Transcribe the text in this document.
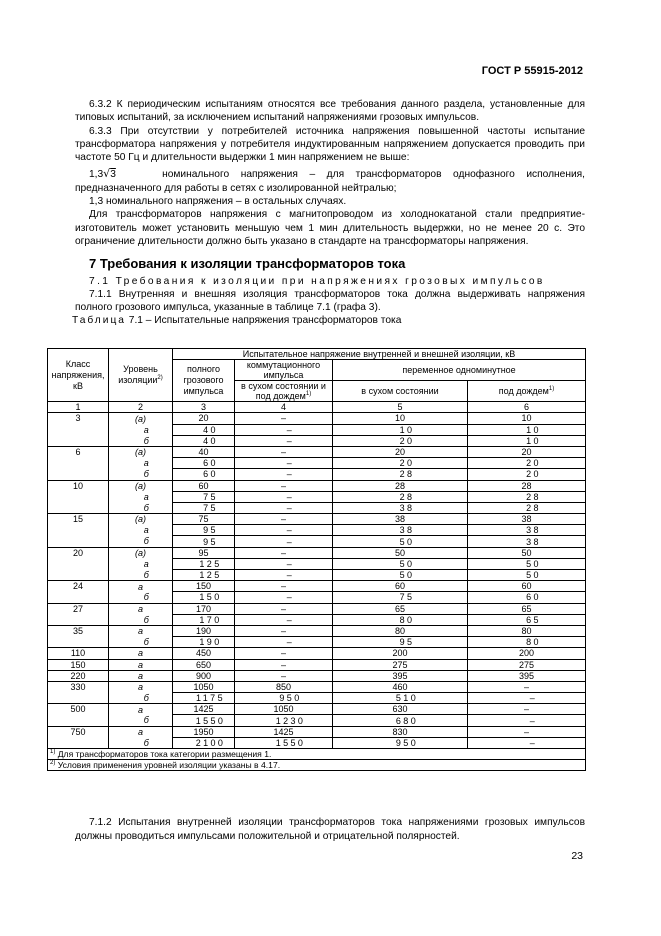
ГОСТ Р 55915-2012

6.3.2 К периодическим испытаниям относятся все требования данного раздела, установленные для типовых испытаний, за исключением испытаний напряжениями грозовых импульсов.

6.3.3 При отсутствии у потребителей источника напряжения повышенной частоты испытание трансформатора напряжения у потребителя индуктированным напряжением допускается проводить при частоте 50 Гц и длительности выдержки 1 мин напряжением не выше:

1,3√3	номинального напряжения – для трансформаторов однофазного исполнения, предназначенного для работы в сетях с изолированной нейтралью;

1,3 номинального напряжения – в остальных случаях.

Для трансформаторов напряжения с магнитопроводом из холоднокатаной стали предприятие-изготовитель может установить меньшую чем 1 мин длительность выдержки, но не менее 20 с. Это ограничение длительности должно быть указано в стандарте на трансформаторы напряжения.

7 Требования к изоляции трансформаторов тока

7.1 Требования к изоляции при напряжениях грозовых импульсов

7.1.1 Внутренняя и внешняя изоляция трансформаторов тока должна выдерживать напряжения полного грозового импульса, указанные в таблице 7.1 (графа 3).

Таблица 7.1 – Испытательные напряжения трансформаторов тока

Класс напряжения, кВ	Уровень изоляции$^{2)}$	Испытательное напряжение внутренней и внешней изоляции, кВ			
		полного грозового импульса	коммутационного импульса	переменное одноминутное	
			в сухом состоянии и под дождем$^{1)}$	в сухом состоянии	под дождем$^{1)}$
1	2	3	4	5	6
3	(а)	20	–	10	10
	а	40	–	10	10
	б	40	–	20	10
6	(а)	40	–	20	20
	а	60	–	20	20
	б	60	–	28	20
10	(а)	60	–	28	28
	а	75	–	28	28
	б	75	–	38	28
15	(а)	75	–	38	38
	а	95	–	38	38
	б	95	–	50	38
20	(а)	95	–	50	50
	а	125	–	50	50
	б	125	–	50	50
24	а	150	–	60	60
	б	150	–	75	60
27	а	170	–	65	65
	б	170	–	80	65
35	а	190	–	80	80
	б	190	–	95	80
110	а	450	–	200	200
150	а	650	–	275	275
220	а	900	–	395	395
330	а	1050	850	460	–
	б	1175	950	510	–
500	а	1425	1050	630	–
	б	1550	1230	680	–
750	а	1950	1425	830	–
	б	2100	1550	950	–
$^{1)}$ Для трансформаторов тока категории размещения 1.					
$^{2)}$ Условия применения уровней изоляции указаны в 4.17.					

7.1.2 Испытания внутренней изоляции трансформаторов тока напряжениями грозовых импульсов должны проводиться импульсами положительной и отрицательной полярностей.

23
